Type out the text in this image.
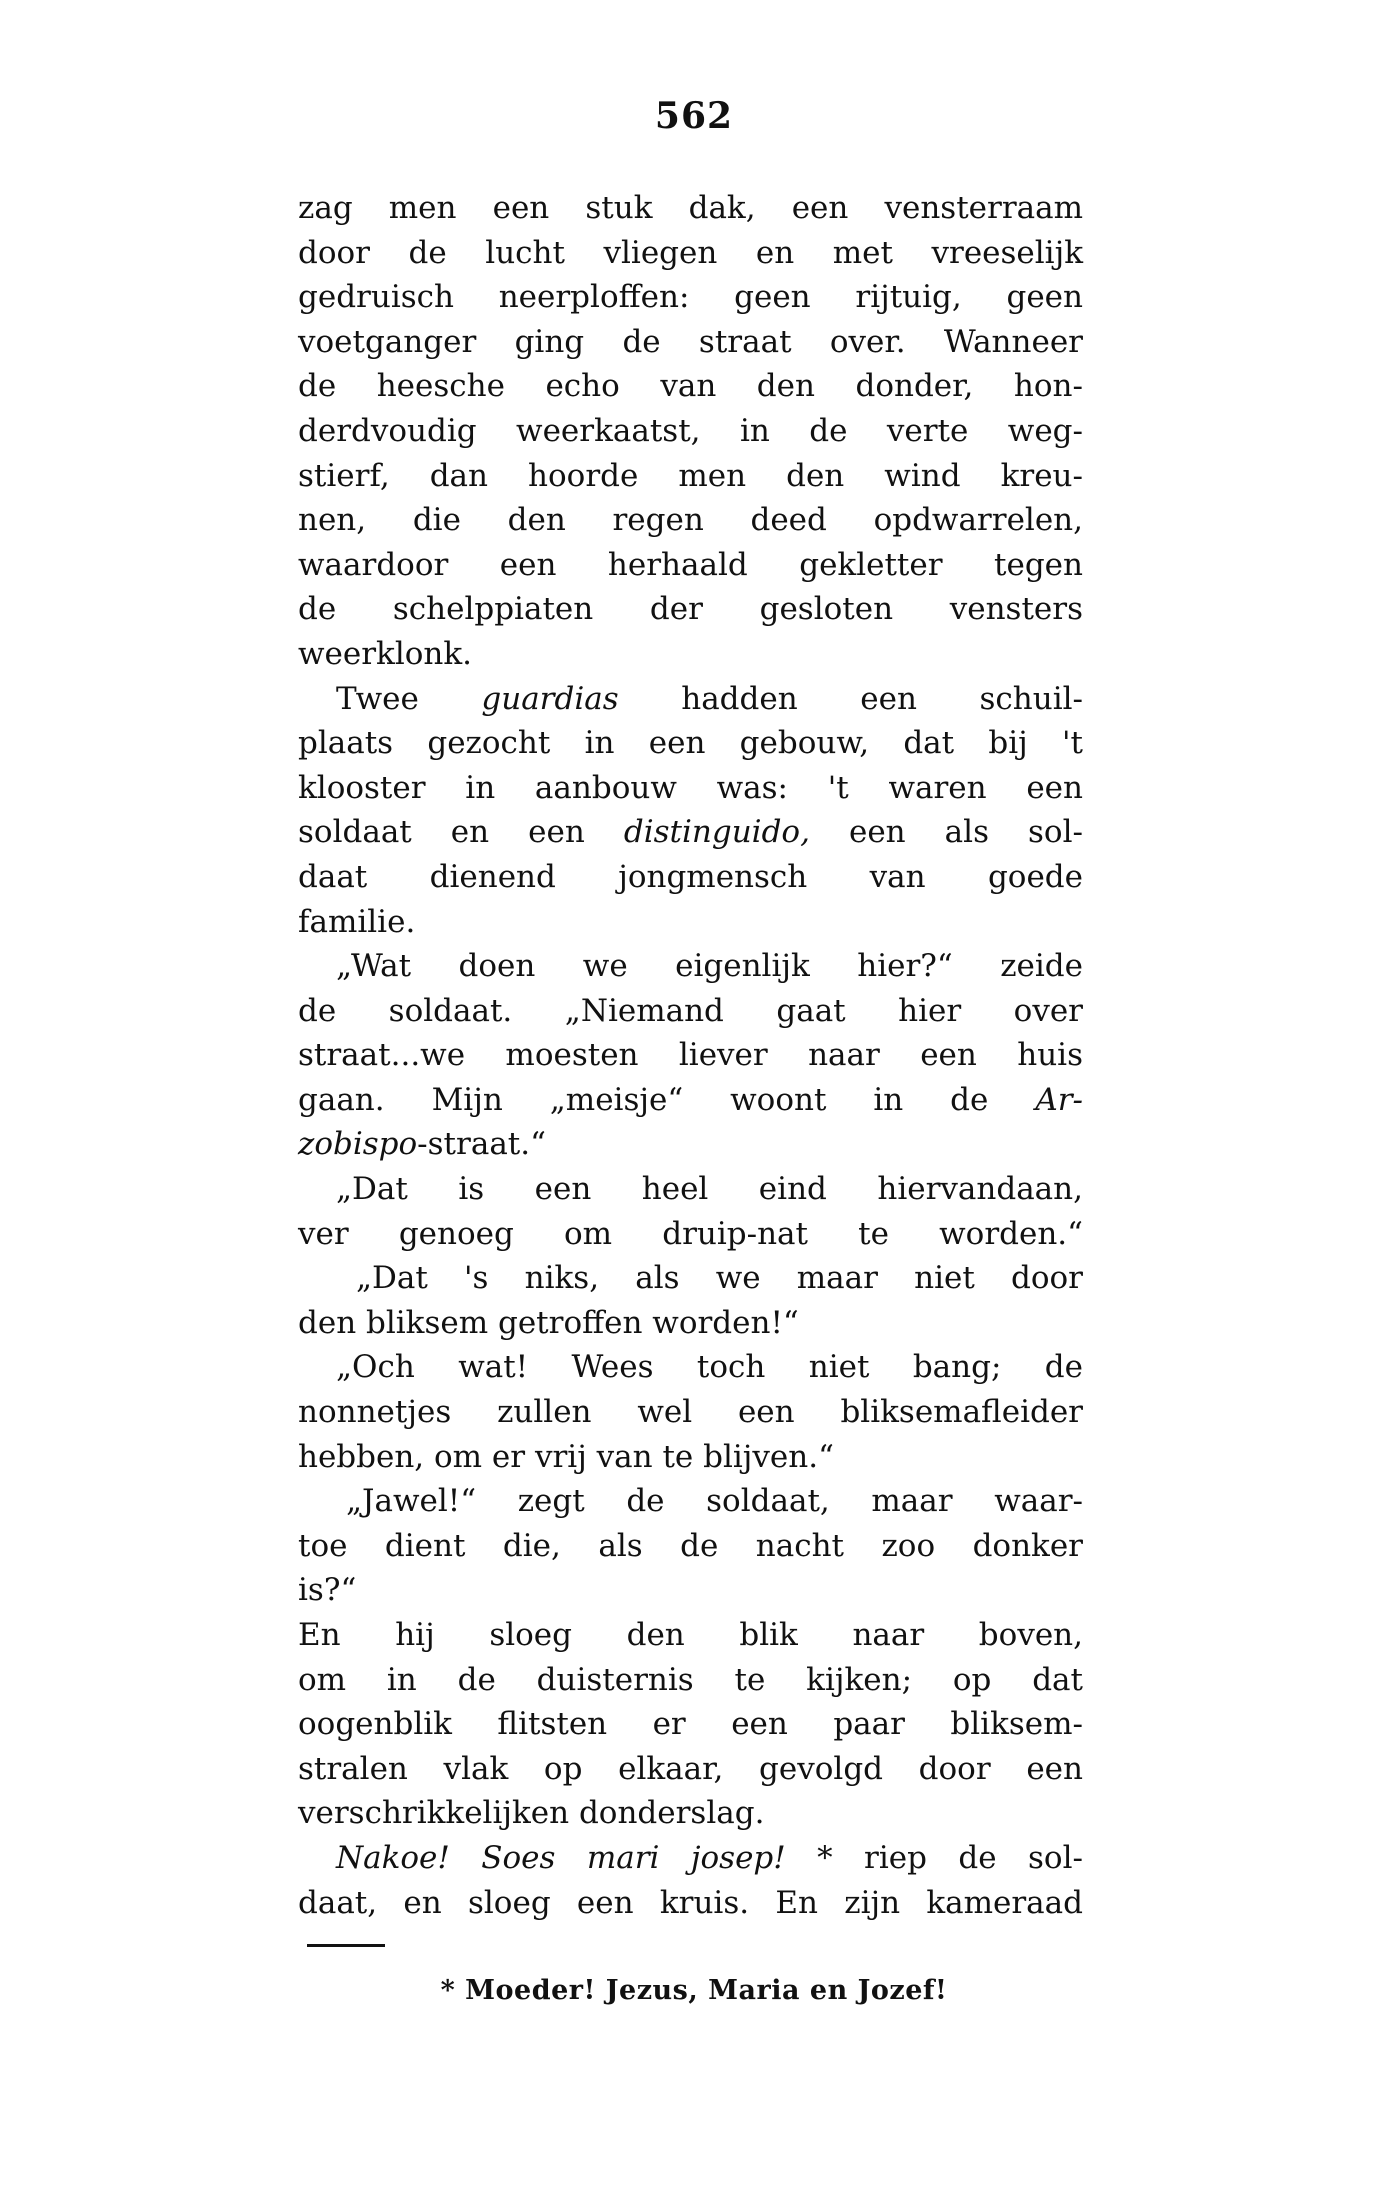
562
zag men een stuk dak, een vensterraam
door de lucht vliegen en met vreeselijk
gedruisch neerploffen: geen rijtuig, geen
voetganger ging de straat over. Wanneer
de heesche echo van den donder, hon-
derdvoudig weerkaatst, in de verte weg-
stierf, dan hoorde men den wind kreu-
nen, die den regen deed opdwarrelen,
waardoor een herhaald gekletter tegen
de schelppiaten der gesloten vensters
weerklonk.
Twee guardias hadden een schuil-
plaats gezocht in een gebouw, dat bij 't
klooster in aanbouw was: 't waren een
soldaat en een distinguido, een als sol-
daat dienend jongmensch van goede
familie.
„Wat doen we eigenlijk hier?“ zeide
de soldaat. „Niemand gaat hier over
straat...we moesten liever naar een huis
gaan. Mijn „meisje“ woont in de Ar-
zobispo-straat.“
„Dat is een heel eind hiervandaan,
ver genoeg om druip-nat te worden.“
„Dat 's niks, als we maar niet door
den bliksem getroffen worden!“
„Och wat! Wees toch niet bang; de
nonnetjes zullen wel een bliksemafleider
hebben, om er vrij van te blijven.“
„Jawel!“ zegt de soldaat, maar waar-
toe dient die, als de nacht zoo donker
is?“
En hij sloeg den blik naar boven,
om in de duisternis te kijken; op dat
oogenblik flitsten er een paar bliksem-
stralen vlak op elkaar, gevolgd door een
verschrikkelijken donderslag.
Nakoe! Soes mari josep! * riep de sol-
daat, en sloeg een kruis. En zijn kameraad
* Moeder! Jezus, Maria en Jozef!
